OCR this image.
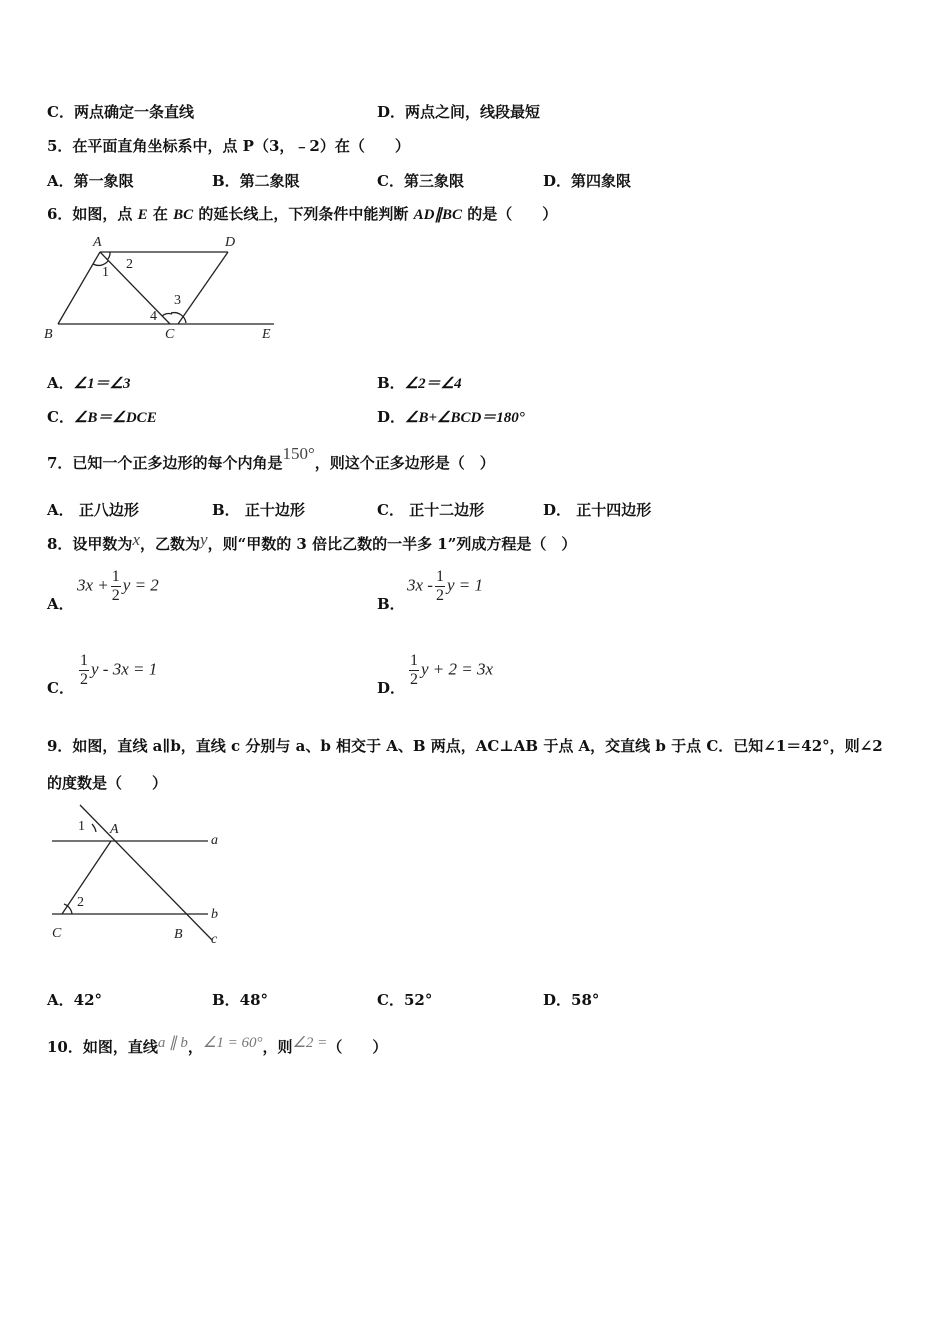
C．两点确定一条直线	D．两点之间，线段最短
5．在平面直角坐标系中，点 P（3，﹣2）在（　　）
A．第一象限	B．第二象限	C．第三象限	D．第四象限
6．如图，点 E 在 BC 的延长线上，下列条件中能判断 AD∥BC 的是（　　）
A	D
1
2
3
4
B	C	E
A．∠1＝∠3	B．∠2＝∠4
C．∠B＝∠DCE	D．∠B+∠BCD＝180°
7．已知一个正多边形的每个内角是150°，则这个正多边形是（　）
A． 正八边形	B． 正十边形	C． 正十二边形	D． 正十四边形
8．设甲数为x，乙数为y，则“甲数的 3 倍比乙数的一半多 1”列成方程是（　）
A．
$3x + \frac{1}{2}$ y = 2
B．
$3x - \frac{1}{2}$ y = 1
C． $\frac{1}{2}$ y - 3x = 1
D． $\frac{1}{2}$ y + 2 = 3x
9．如图，直线 a∥b，直线 c 分别与 a、b 相交于 A、B 两点，AC⊥AB 于点 A，交直线 b 于点 C．已知∠1＝42°，则∠2
的度数是（　　）
1 A
a
2
b
C	B c
A．42°	B．48°	C．52°	D．58°
10．如图，直线a ∥ b，∠1 = 60°，则∠2 =（　　）
